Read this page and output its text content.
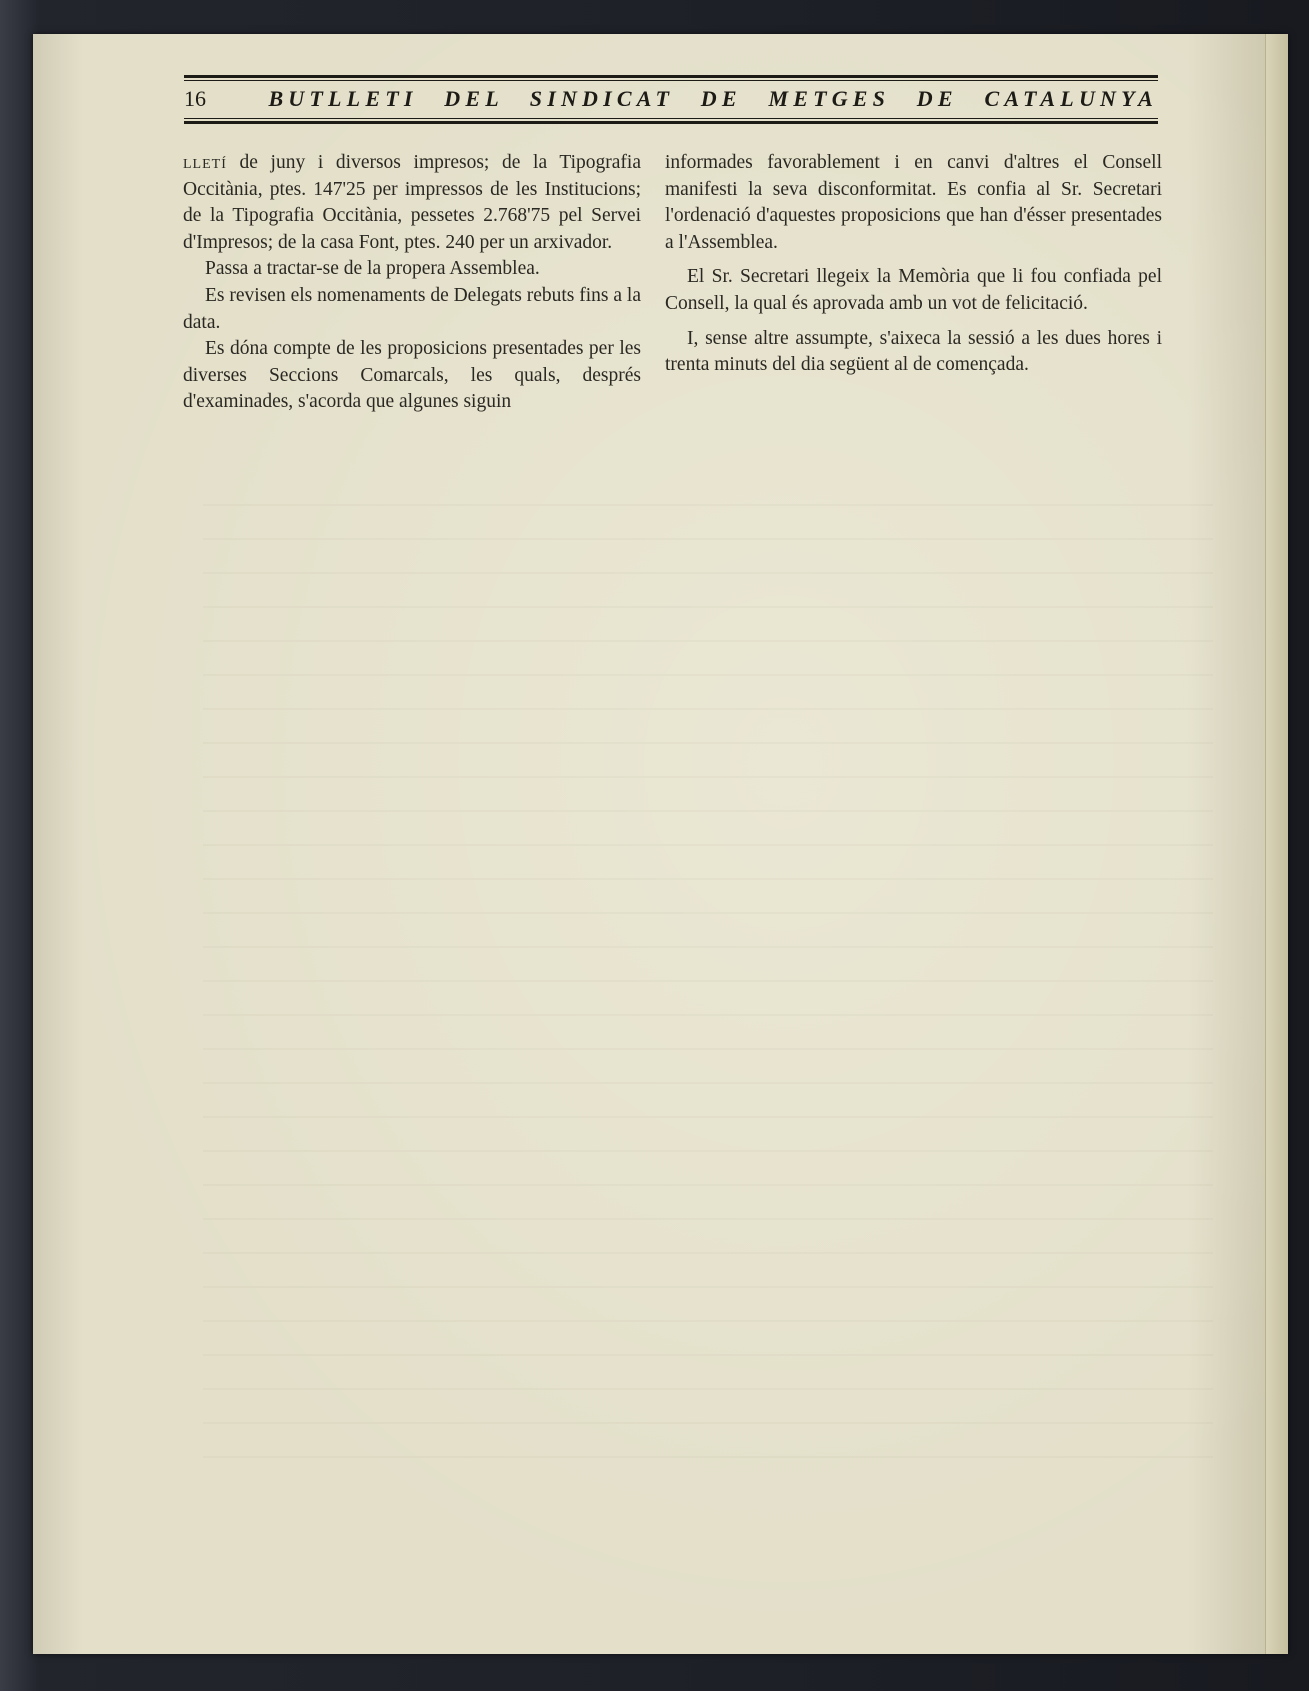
16	BUTLLETI DEL SINDICAT DE METGES DE CATALUNYA

lletí de juny i diversos impresos; de la Tipografia Occitània, ptes. 147'25 per impressos de les Institucions; de la Tipografia Occitània, pessetes 2.768'75 pel Servei d'Impresos; de la casa Font, ptes. 240 per un arxivador.

Passa a tractar-se de la propera Assemblea.

Es revisen els nomenaments de Delegats rebuts fins a la data.

Es dóna compte de les proposicions presentades per les diverses Seccions Comarcals, les quals, després d'examinades, s'acorda que algunes siguin

informades favorablement i en canvi d'altres el Consell manifesti la seva disconformitat. Es confia al Sr. Secretari l'ordenació d'aquestes proposicions que han d'ésser presentades a l'Assemblea.

El Sr. Secretari llegeix la Memòria que li fou confiada pel Consell, la qual és aprovada amb un vot de felicitació.

I, sense altre assumpte, s'aixeca la sessió a les dues hores i trenta minuts del dia següent al de començada.
